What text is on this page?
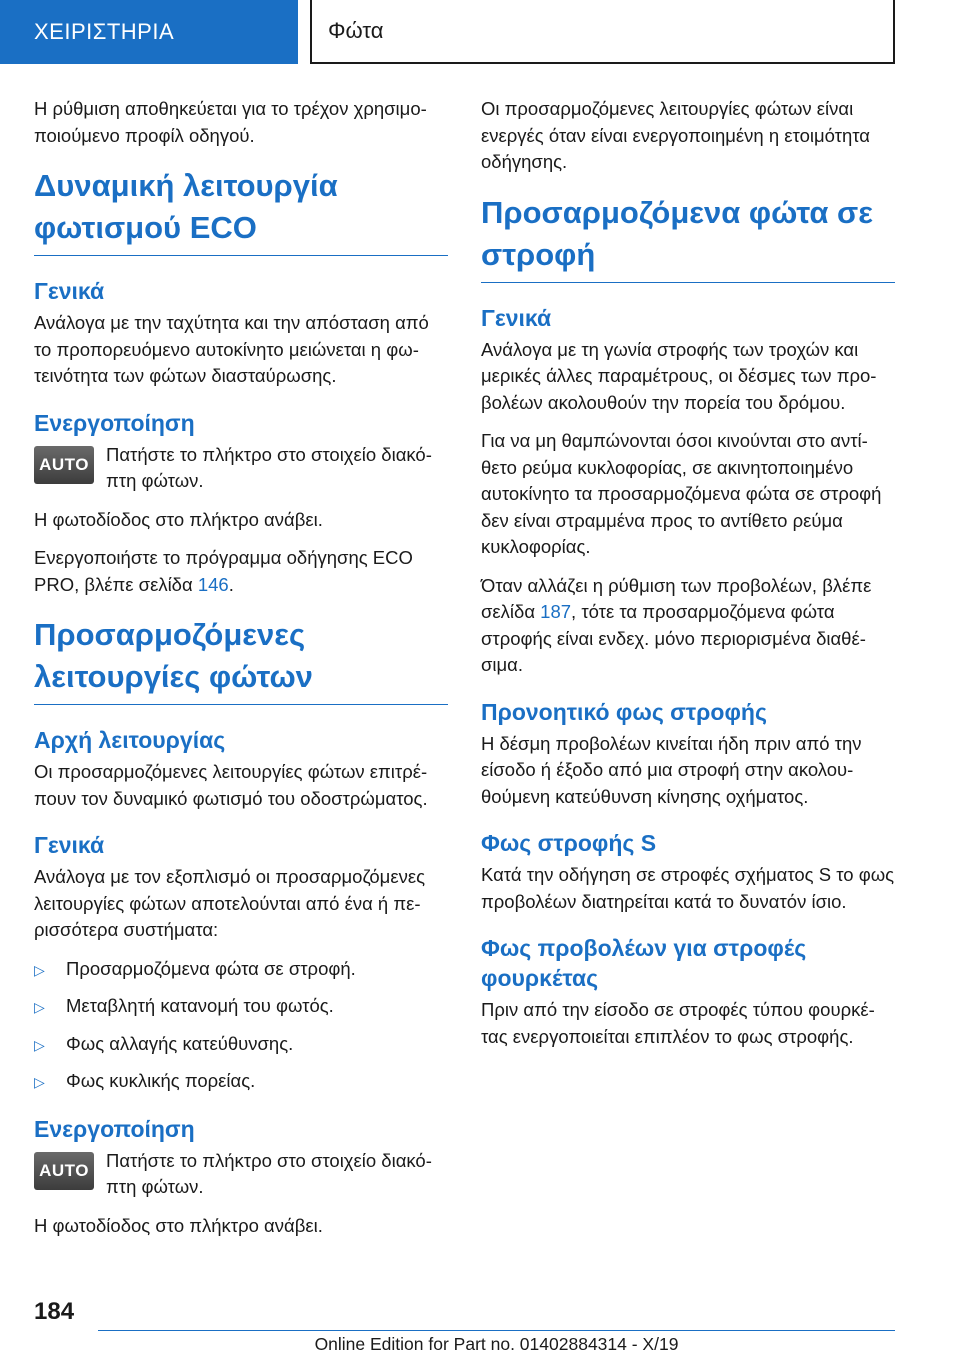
ΧΕΙΡΙΣΤΗΡΙΑ	Φώτα

Η ρύθμιση αποθηκεύεται για το τρέχον χρησιμοποιούμενο προφίλ οδηγού.

Δυναμική λειτουργία φωτισμού ECO
Γενικά

Ανάλογα με την ταχύτητα και την απόσταση από το προπορευόμενο αυτοκίνητο μειώνεται η φωτεινότητα των φώτων διασταύρωσης.

Ενεργοποίηση
AUTO Πατήστε το πλήκτρο στο στοιχείο διακόπτη φώτων.

Η φωτοδίοδος στο πλήκτρο ανάβει.

Ενεργοποιήστε το πρόγραμμα οδήγησης ECO PRO, βλέπε σελίδα 146.

Προσαρμοζόμενες λειτουργίες φώτων
Αρχή λειτουργίας

Οι προσαρμοζόμενες λειτουργίες φώτων επιτρέπουν τον δυναμικό φωτισμό του οδοστρώματος.

Γενικά

Ανάλογα με τον εξοπλισμό οι προσαρμοζόμενες λειτουργίες φώτων αποτελούνται από ένα ή περισσότερα συστήματα:

▷	Προσαρμοζόμενα φώτα σε στροφή.
▷	Μεταβλητή κατανομή του φωτός.
▷	Φως αλλαγής κατεύθυνσης.
▷	Φως κυκλικής πορείας.
Ενεργοποίηση
AUTO Πατήστε το πλήκτρο στο στοιχείο διακόπτη φώτων.

Η φωτοδίοδος στο πλήκτρο ανάβει.

Οι προσαρμοζόμενες λειτουργίες φώτων είναι ενεργές όταν είναι ενεργοποιημένη η ετοιμότητα οδήγησης.

Προσαρμοζόμενα φώτα σε στροφή
Γενικά

Ανάλογα με τη γωνία στροφής των τροχών και μερικές άλλες παραμέτρους, οι δέσμες των προβολέων ακολουθούν την πορεία του δρόμου.

Για να μη θαμπώνονται όσοι κινούνται στο αντίθετο ρεύμα κυκλοφορίας, σε ακινητοποιημένο αυτοκίνητο τα προσαρμοζόμενα φώτα σε στροφή δεν είναι στραμμένα προς το αντίθετο ρεύμα κυκλοφορίας.

Όταν αλλάζει η ρύθμιση των προβολέων, βλέπε σελίδα 187, τότε τα προσαρμοζόμενα φώτα στροφής είναι ενδεχ. μόνο περιορισμένα διαθέσιμα.

Προνοητικό φως στροφής

Η δέσμη προβολέων κινείται ήδη πριν από την είσοδο ή έξοδο από μια στροφή στην ακολουθούμενη κατεύθυνση κίνησης οχήματος.

Φως στροφής S

Κατά την οδήγηση σε στροφές σχήματος S το φως προβολέων διατηρείται κατά το δυνατόν ίσιο.

Φως προβολέων για στροφές φουρκέτας

Πριν από την είσοδο σε στροφές τύπου φουρκέτας ενεργοποιείται επιπλέον το φως στροφής.

184
Online Edition for Part no. 01402884314 - X/19
